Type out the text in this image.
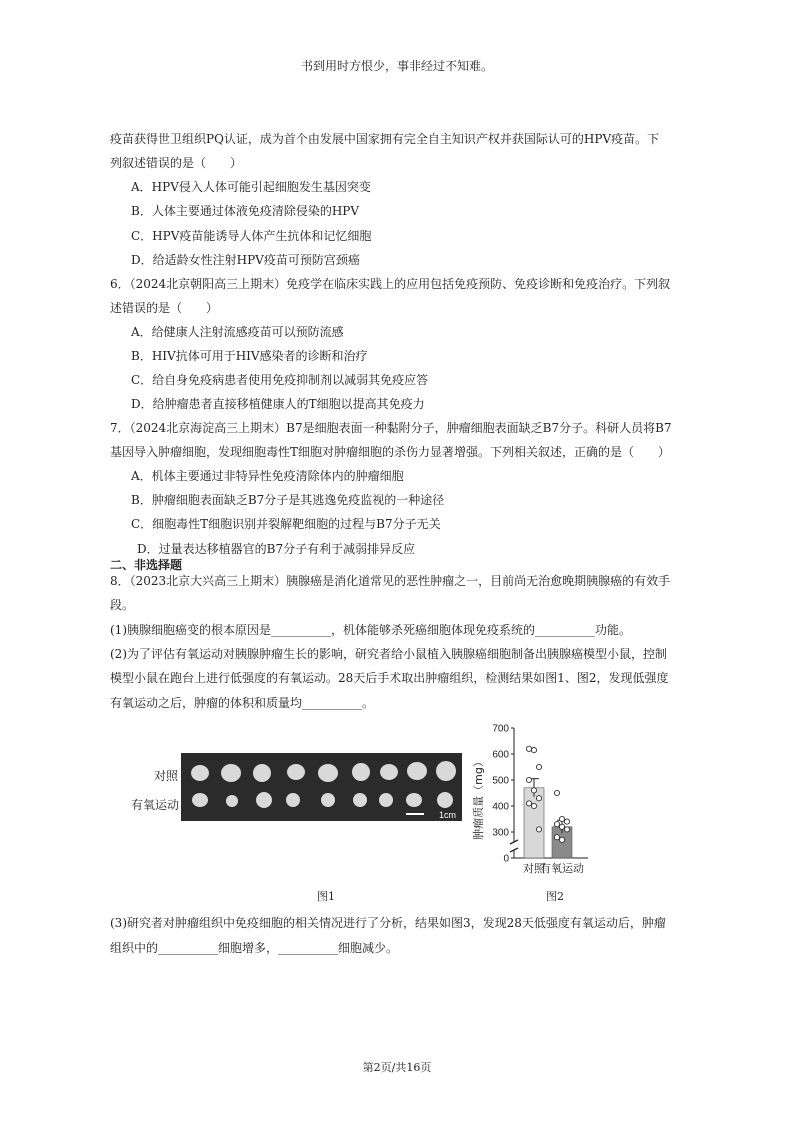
书到用时方恨少，事非经过不知难。
疫苗获得世卫组织PQ认证，成为首个由发展中国家拥有完全自主知识产权并获国际认可的HPV疫苗。下
列叙述错误的是（　　）
A．HPV侵入人体可能引起细胞发生基因突变
B．人体主要通过体液免疫清除侵染的HPV
C．HPV疫苗能诱导人体产生抗体和记忆细胞
D．给适龄女性注射HPV疫苗可预防宫颈癌
6．（2024北京朝阳高三上期末）免疫学在临床实践上的应用包括免疫预防、免疫诊断和免疫治疗。下列叙
述错误的是（　　）
A．给健康人注射流感疫苗可以预防流感
B．HIV抗体可用于HIV感染者的诊断和治疗
C．给自身免疫病患者使用免疫抑制剂以减弱其免疫应答
D．给肿瘤患者直接移植健康人的T细胞以提高其免疫力
7．（2024北京海淀高三上期末）B7是细胞表面一种黏附分子，肿瘤细胞表面缺乏B7分子。科研人员将B7
基因导入肿瘤细胞，发现细胞毒性T细胞对肿瘤细胞的杀伤力显著增强。下列相关叙述，正确的是（　　）
A．机体主要通过非特异性免疫清除体内的肿瘤细胞
B．肿瘤细胞表面缺乏B7分子是其逃逸免疫监视的一种途径
C．细胞毒性T细胞识别并裂解靶细胞的过程与B7分子无关
D．过量表达移植器官的B7分子有利于减弱排异反应
二、非选择题
8．（2023北京大兴高三上期末）胰腺癌是消化道常见的恶性肿瘤之一，目前尚无治愈晚期胰腺癌的有效手
段。
(1)胰腺细胞癌变的根本原因是__________，机体能够杀死癌细胞体现免疫系统的__________功能。
(2)为了评估有氧运动对胰腺肿瘤生长的影响，研究者给小鼠植入胰腺癌细胞制备出胰腺癌模型小鼠，控制
模型小鼠在跑台上进行低强度的有氧运动。28天后手术取出肿瘤组织，检测结果如图1、图2，发现低强度
有氧运动之后，肿瘤的体积和质量均__________。
对照
有氧运动
1cm
图1
肿瘤质量（mg）
0
300
400
500
600
700
对照
有氧运动
图2
(3)研究者对肿瘤组织中免疫细胞的相关情况进行了分析，结果如图3，发现28天低强度有氧运动后，肿瘤
组织中的__________细胞增多，__________细胞减少。
第2页/共16页
